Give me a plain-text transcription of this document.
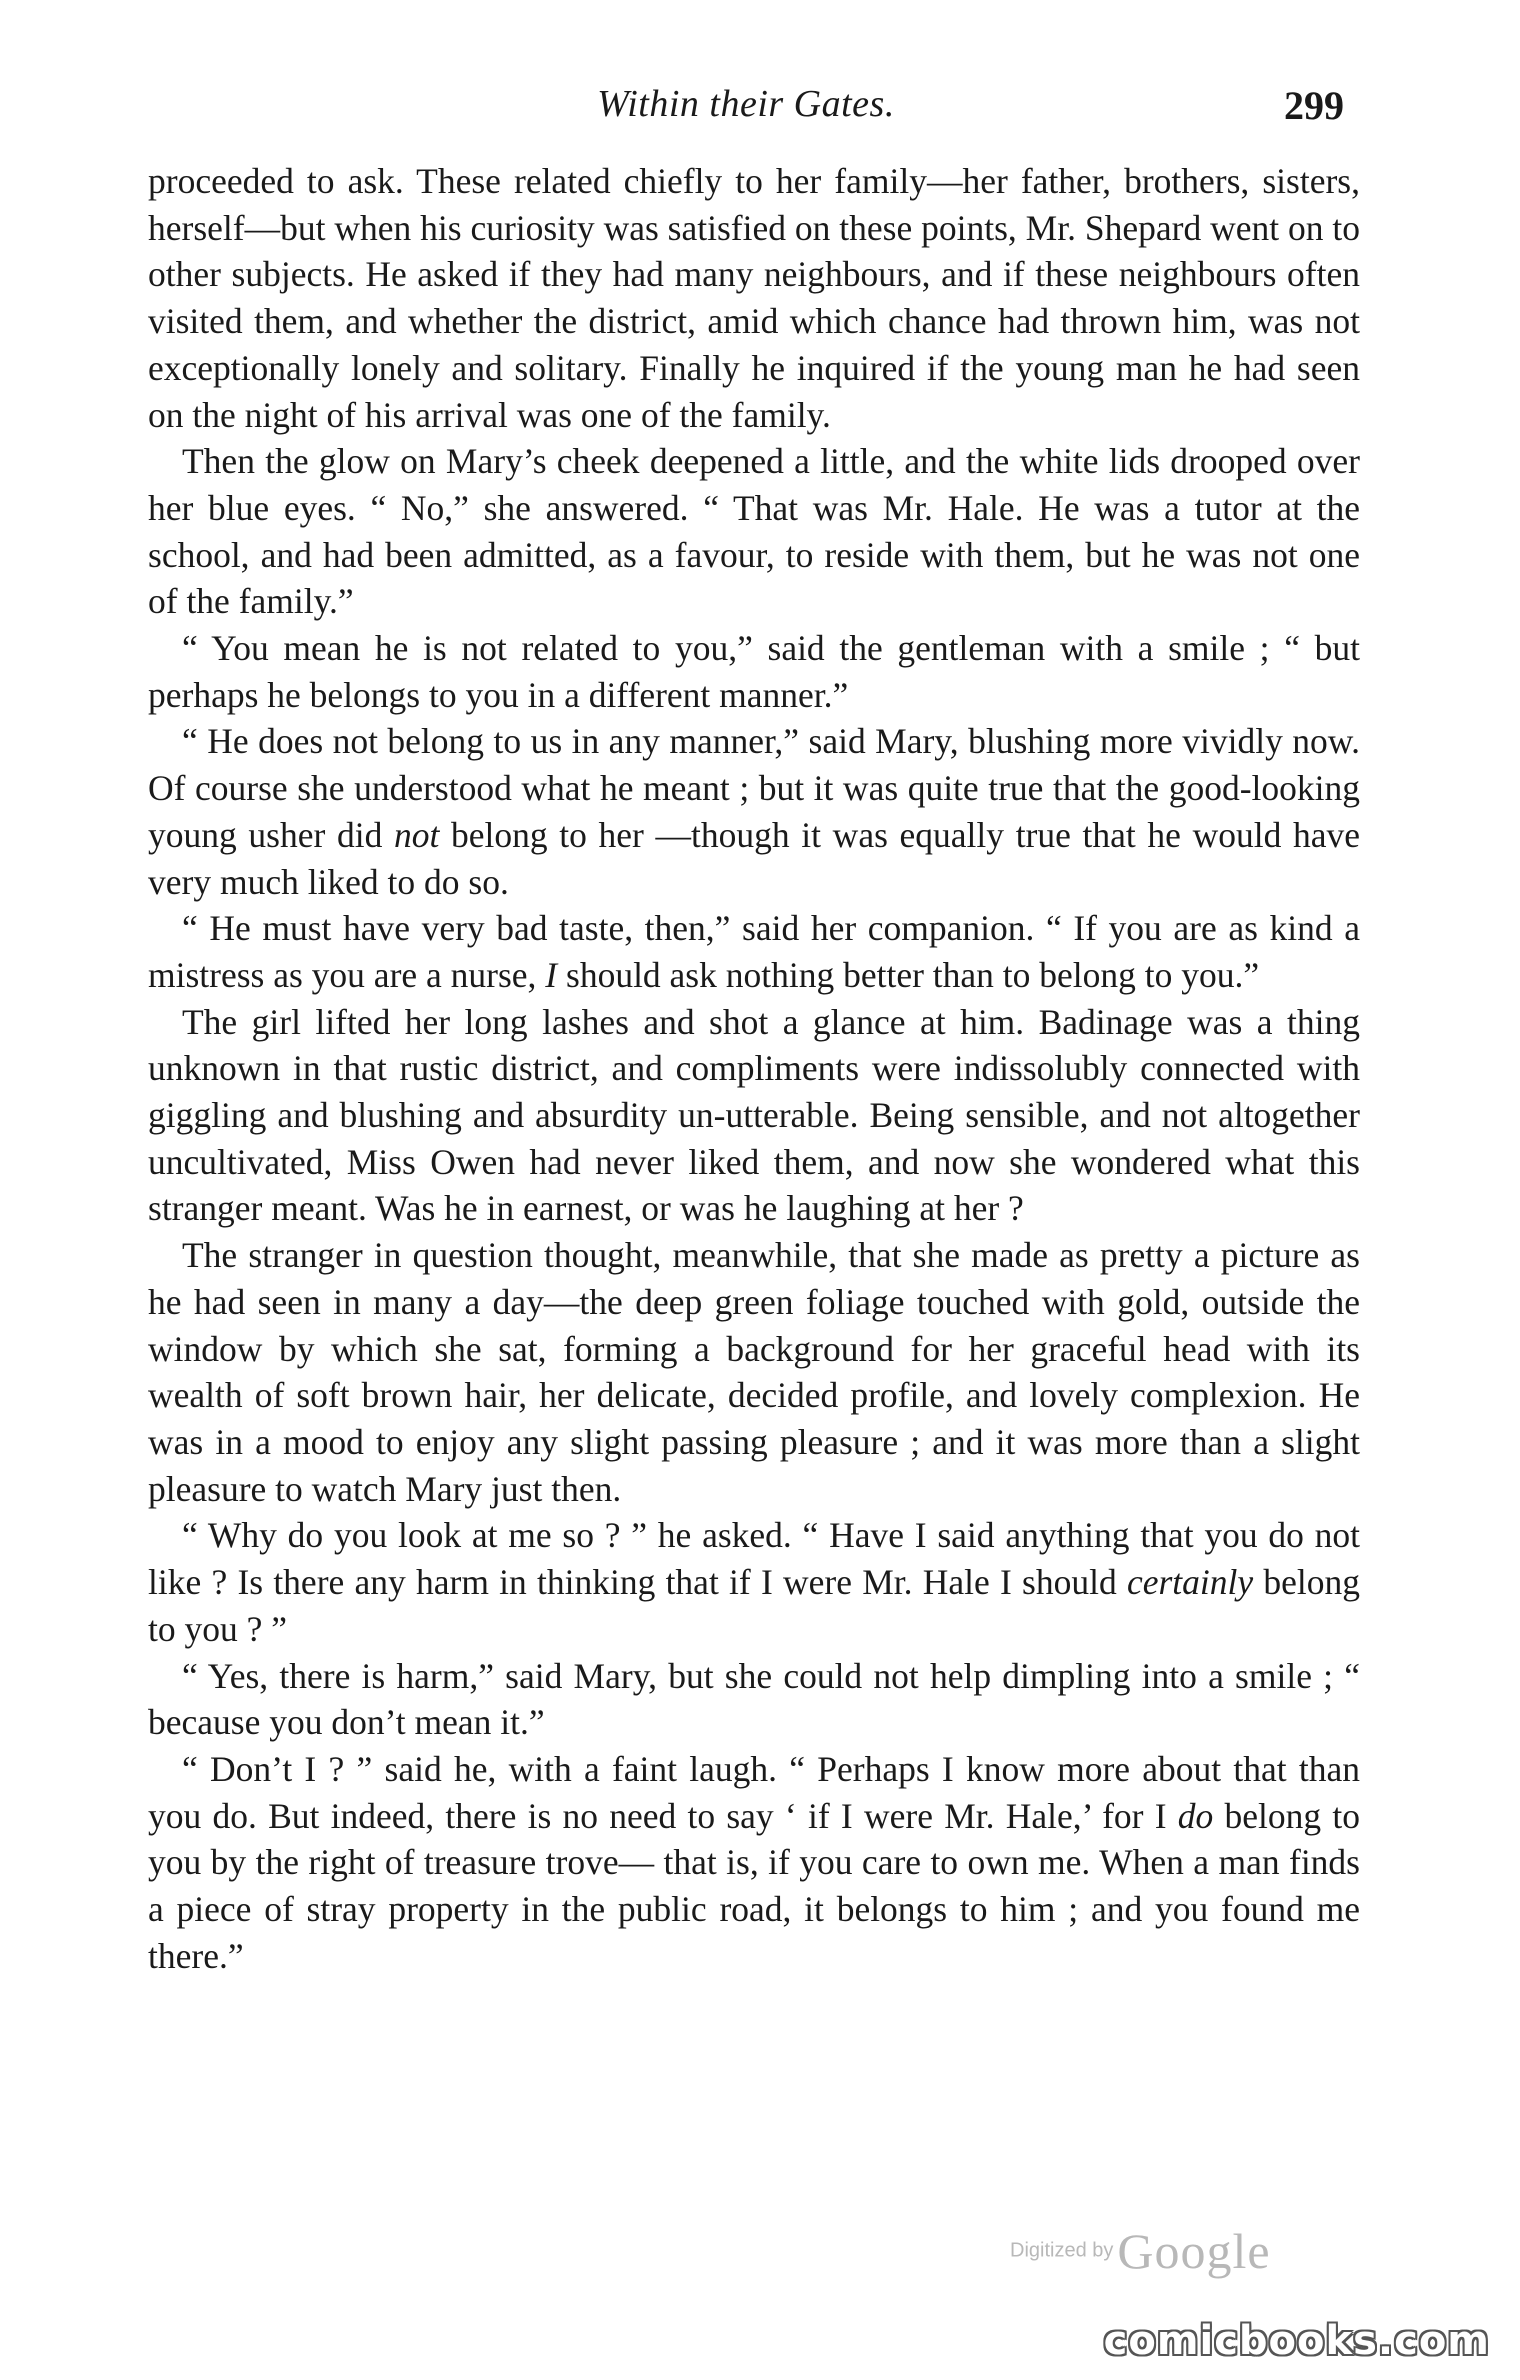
Within their Gates.	299

proceeded to ask. These related chiefly to her family—her father, brothers, sisters, herself—but when his curiosity was satisfied on these points, Mr. Shepard went on to other subjects. He asked if they had many neighbours, and if these neighbours often visited them, and whether the district, amid which chance had thrown him, was not exceptionally lonely and solitary. Finally he inquired if the young man he had seen on the night of his arrival was one of the family.

Then the glow on Mary’s cheek deepened a little, and the white lids drooped over her blue eyes. “ No,” she answered. “ That was Mr. Hale. He was a tutor at the school, and had been admitted, as a favour, to reside with them, but he was not one of the family.”

“ You mean he is not related to you,” said the gentleman with a smile ; “ but perhaps he belongs to you in a different manner.”

“ He does not belong to us in any manner,” said Mary, blushing more vividly now. Of course she understood what he meant ; but it was quite true that the good-looking young usher did not belong to her —though it was equally true that he would have very much liked to do so.

“ He must have very bad taste, then,” said her companion. “ If you are as kind a mistress as you are a nurse, I should ask nothing better than to belong to you.”

The girl lifted her long lashes and shot a glance at him. Badinage was a thing unknown in that rustic district, and compliments were indissolubly connected with giggling and blushing and absurdity un-utterable. Being sensible, and not altogether uncultivated, Miss Owen had never liked them, and now she wondered what this stranger meant. Was he in earnest, or was he laughing at her ?

The stranger in question thought, meanwhile, that she made as pretty a picture as he had seen in many a day—the deep green foliage touched with gold, outside the window by which she sat, forming a background for her graceful head with its wealth of soft brown hair, her delicate, decided profile, and lovely complexion. He was in a mood to enjoy any slight passing pleasure ; and it was more than a slight pleasure to watch Mary just then.

“ Why do you look at me so ? ” he asked. “ Have I said anything that you do not like ? Is there any harm in thinking that if I were Mr. Hale I should certainly belong to you ? ”

“ Yes, there is harm,” said Mary, but she could not help dimpling into a smile ; “ because you don’t mean it.”

“ Don’t I ? ” said he, with a faint laugh. “ Perhaps I know more about that than you do. But indeed, there is no need to say ‘ if I were Mr. Hale,’ for I do belong to you by the right of treasure trove— that is, if you care to own me. When a man finds a piece of stray property in the public road, it belongs to him ; and you found me there.”

Digitized by Google
comicbooks.com
